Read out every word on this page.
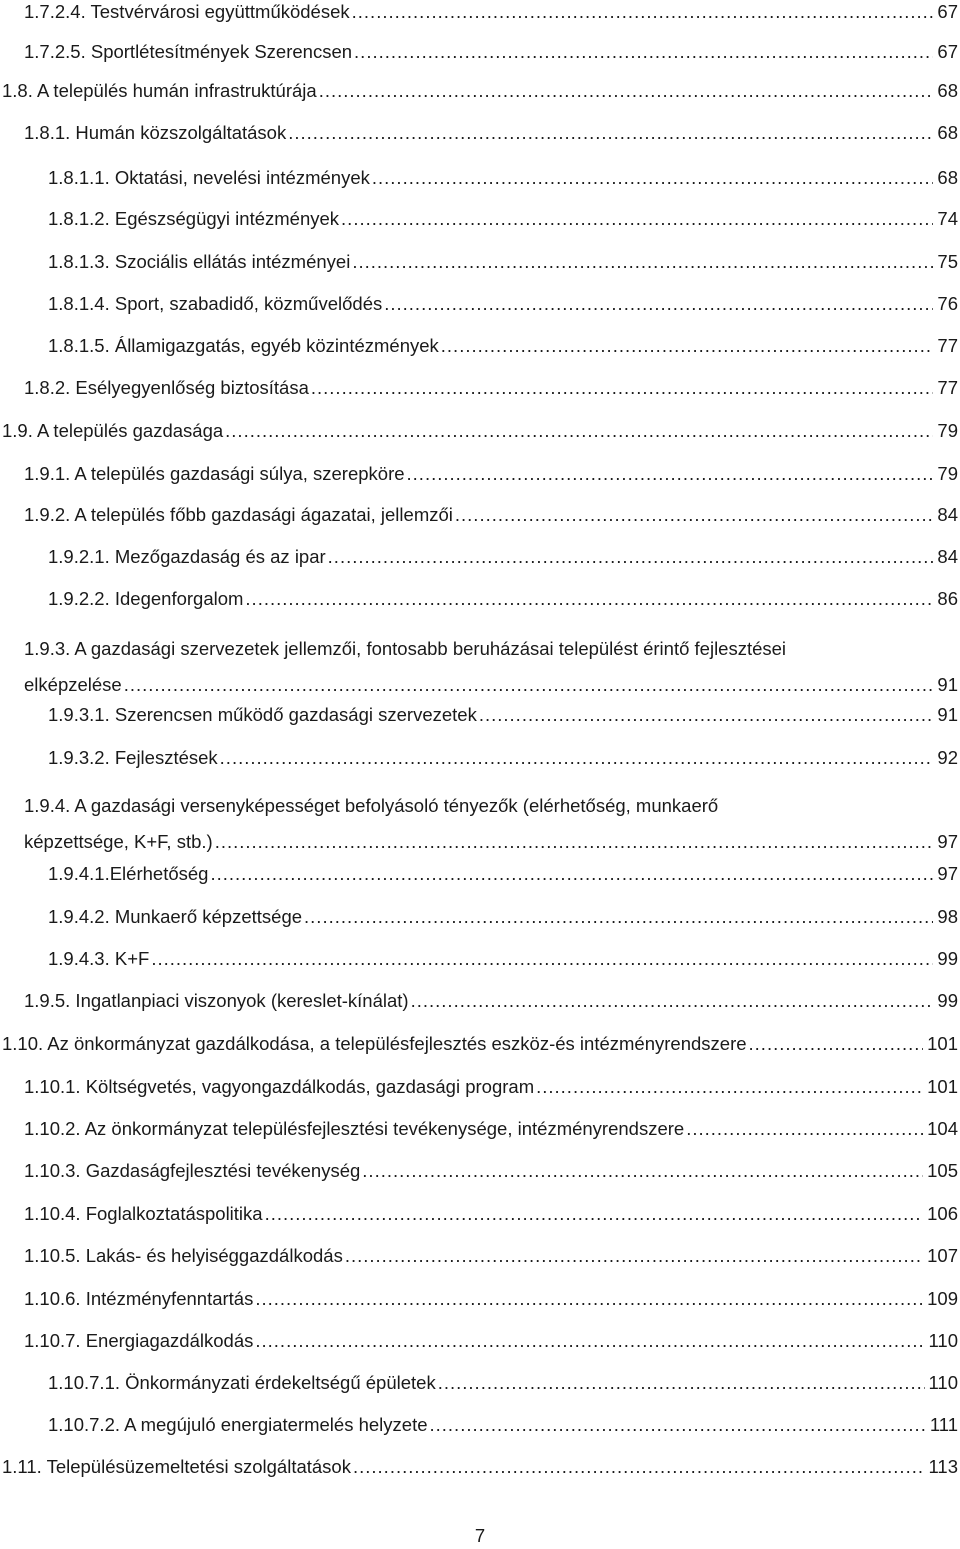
1.7.2.4. Testvérvárosi együttműködések .....	67
1.7.2.5. Sportlétesítmények Szerencsen .....	67
1.8. A település humán infrastruktúrája .....	68
1.8.1. Humán közszolgáltatások .....	68
1.8.1.1. Oktatási, nevelési intézmények .....	68
1.8.1.2. Egészségügyi intézmények .....	74
1.8.1.3. Szociális ellátás intézményei .....	75
1.8.1.4. Sport, szabadidő, közművelődés .....	76
1.8.1.5. Államigazgatás, egyéb közintézmények .....	77
1.8.2. Esélyegyenlőség biztosítása .....	77
1.9. A település gazdasága .....	79
1.9.1. A település gazdasági súlya, szerepköre .....	79
1.9.2. A település főbb gazdasági ágazatai, jellemzői .....	84
1.9.2.1. Mezőgazdaság és az ipar .....	84
1.9.2.2. Idegenforgalom .....	86
1.9.3. A gazdasági szervezetek jellemzői, fontosabb beruházásai települést érintő fejlesztései
elképzelése .....	91
1.9.3.1. Szerencsen működő gazdasági szervezetek .....	91
1.9.3.2. Fejlesztések .....	92
1.9.4. A gazdasági versenyképességet befolyásoló tényezők (elérhetőség, munkaerő
képzettsége, K+F, stb.) .....	97
1.9.4.1.Elérhetőség .....	97
1.9.4.2. Munkaerő képzettsége .....	98
1.9.4.3. K+F .....	99
1.9.5. Ingatlanpiaci viszonyok (kereslet-kínálat) .....	99
1.10. Az önkormányzat gazdálkodása, a településfejlesztés eszköz-és intézményrendszere .....	101
1.10.1. Költségvetés, vagyongazdálkodás, gazdasági program .....	101
1.10.2. Az önkormányzat településfejlesztési tevékenysége, intézményrendszere .....	104
1.10.3. Gazdaságfejlesztési tevékenység .....	105
1.10.4. Foglalkoztatáspolitika .....	106
1.10.5. Lakás- és helyiséggazdálkodás .....	107
1.10.6. Intézményfenntartás .....	109
1.10.7. Energiagazdálkodás .....	110
1.10.7.1. Önkormányzati érdekeltségű épületek .....	110
1.10.7.2. A megújuló energiatermelés helyzete .....	111
1.11. Településüzemeltetési szolgáltatások .....	113
7
